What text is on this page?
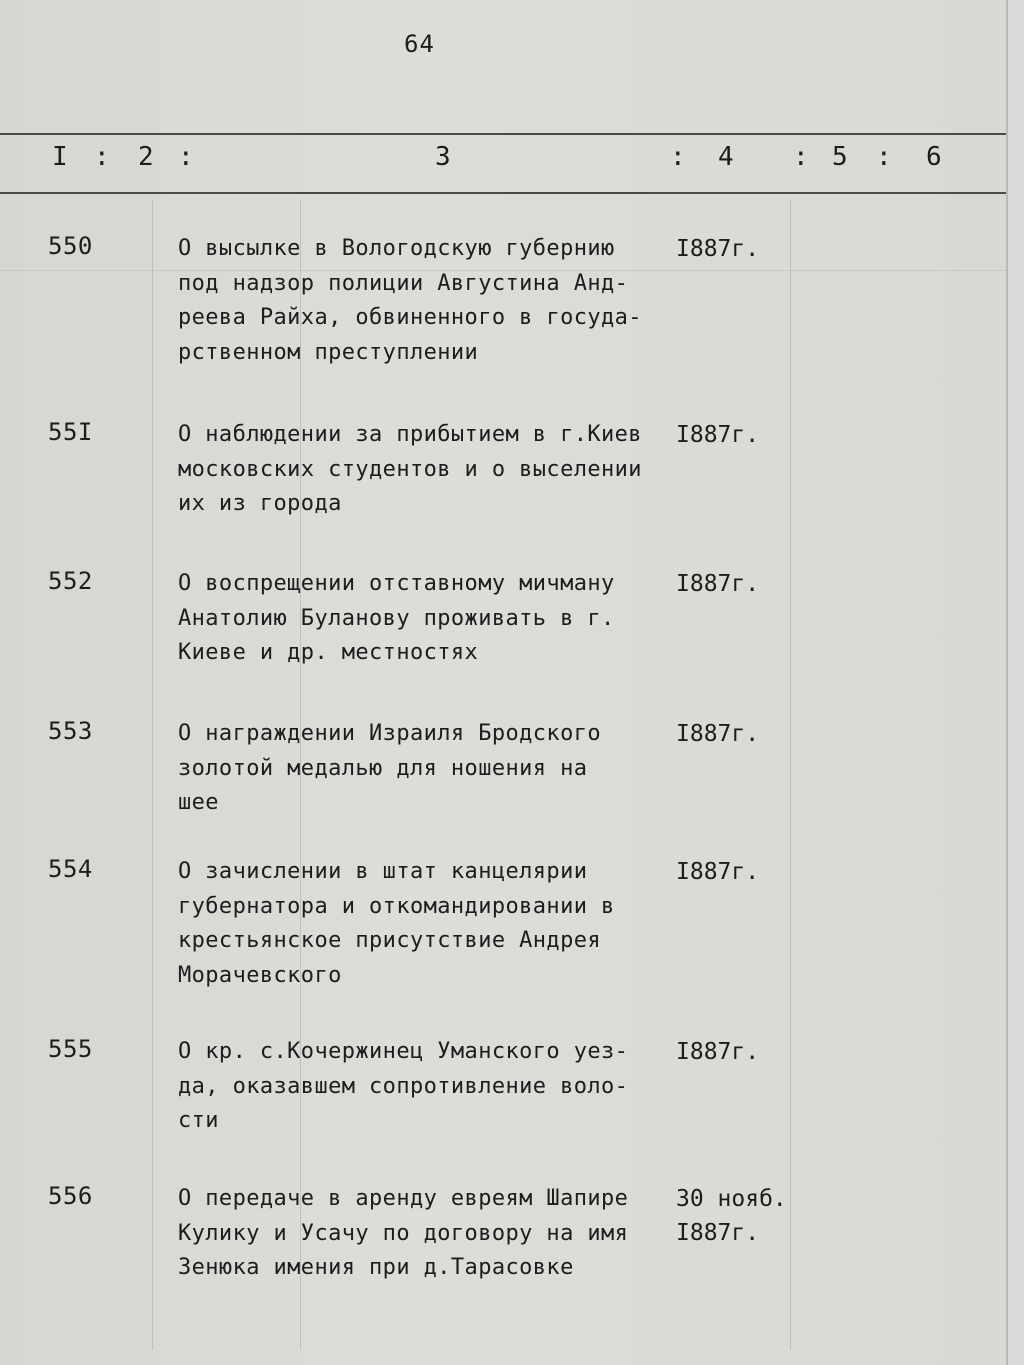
64
I : 2 :	3	: 4 : 5 : 6
550	О высылке в Вологодскую губернию
под надзор полиции Августина Анд-
реева Райха, обвиненного в госуда-
рственном преступлении
I887г.
55I	О наблюдении за прибытием в г.Киев
московских студентов и о выселении
их из города
I887г.
552	О воспрещении отставному мичману
Анатолию Буланову проживать в г.
Киеве и др. местностях
I887г.
553	О награждении Израиля Бродского
золотой медалью для ношения на
шее
I887г.
554	О зачислении в штат канцелярии
губернатора и откомандировании в
крестьянское присутствие Андрея
Морачевского
I887г.
555	О кр. с.Кочержинец Уманского уез-
да, оказавшем сопротивление воло-
сти
I887г.
556	О передаче в аренду евреям Шапире
Кулику и Усачу по договору на имя
Зенюка имения при д.Тарасовке
30 нояб.
I887г.
